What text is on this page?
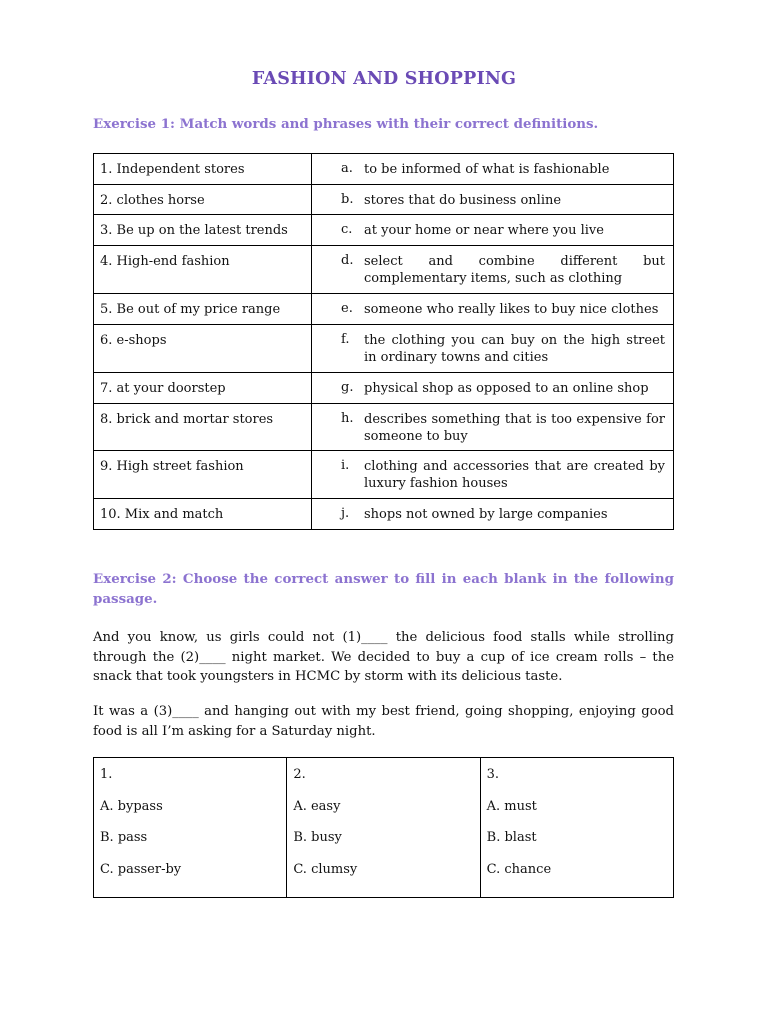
FASHION AND SHOPPING
Exercise 1: Match words and phrases with their correct definitions.
1. Independent stores	a. to be informed of what is fashionable

2. clothes horse	b. stores that do business online

3. Be up on the latest trends	c. at your home or near where you live

4. High-end fashion	d. select and combine different but complementary items, such as clothing

5. Be out of my price range	e. someone who really likes to buy nice clothes

6. e-shops	f. the clothing you can buy on the high street in ordinary towns and cities

7. at your doorstep	g. physical shop as opposed to an online shop

8. brick and mortar stores	h. describes something that is too expensive for someone to buy

9. High street fashion	i. clothing and accessories that are created by luxury fashion houses

10. Mix and match	j. shops not owned by large companies
Exercise 2: Choose the correct answer to fill in each blank in the following passage.

And you know, us girls could not (1)____ the delicious food stalls while strolling through the (2)____ night market. We decided to buy a cup of ice cream rolls – the snack that took youngsters in HCMC by storm with its delicious taste.

It was a (3)____ and hanging out with my best friend, going shopping, enjoying good food is all I’m asking for a Saturday night.

1.
A. bypass
B. pass
C. passer-by

2.
A. easy
B. busy
C. clumsy

3.
A. must
B. blast
C. chance
